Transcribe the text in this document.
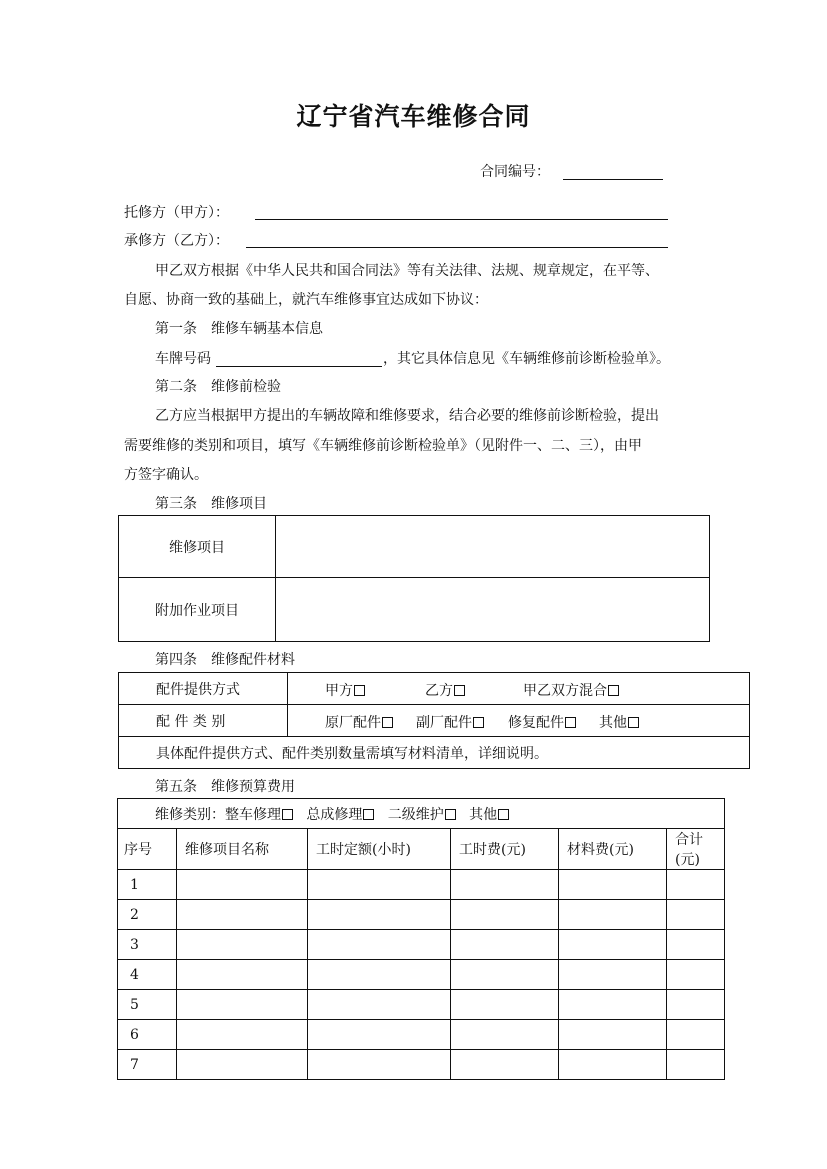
辽宁省汽车维修合同
合同编号：
托修方（甲方）：
承修方（乙方）：
甲乙双方根据《中华人民共和国合同法》等有关法律、法规、规章规定，在平等、
自愿、协商一致的基础上，就汽车维修事宜达成如下协议：
第一条　维修车辆基本信息
车牌号码	，其它具体信息见《车辆维修前诊断检验单》。
第二条　维修前检验
乙方应当根据甲方提出的车辆故障和维修要求，结合必要的维修前诊断检验，提出
需要维修的类别和项目，填写《车辆维修前诊断检验单》（见附件一、二、三），由甲
方签字确认。
第三条　维修项目
维修项目	
附加作业项目	
第四条　维修配件材料
配件提供方式	甲方 乙方 甲乙双方混合

配 件 类 别	原厂配件 副厂配件 修复配件 其他

具体配件提供方式、配件类别数量需填写材料清单，详细说明。	
第五条　维修预算费用
维修类别：整车修理 总成修理 二级维护 其他					
序号	维修项目名称	工时定额(小时)	工时费(元)	材料费(元)	合计(元)
1					
2					
3					
4					
5					
6					
7					
